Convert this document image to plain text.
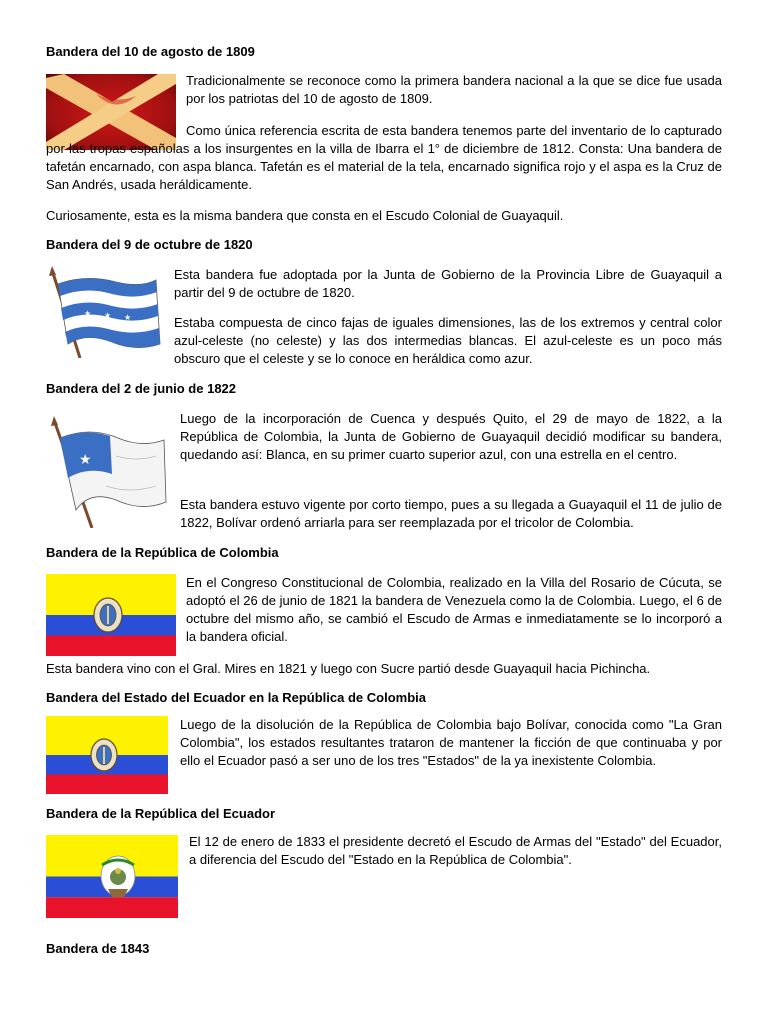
Bandera del 10 de agosto de 1809

Tradicionalmente se reconoce como la primera bandera nacional a la que se dice fue usada por los patriotas del 10 de agosto de 1809.

Como única referencia escrita de esta bandera tenemos parte del inventario de lo capturado por las tropas españolas a los insurgentes en la villa de Ibarra el 1° de diciembre de 1812. Consta: Una bandera de tafetán encarnado, con aspa blanca. Tafetán es el material de la tela, encarnado significa rojo y el aspa es la Cruz de San Andrés, usada heráldicamente.

Curiosamente, esta es la misma bandera que consta en el Escudo Colonial de Guayaquil.

Bandera del 9 de octubre de 1820
★ ★ ★

Esta bandera fue adoptada por la Junta de Gobierno de la Provincia Libre de Guayaquil a partir del 9 de octubre de 1820.

Estaba compuesta de cinco fajas de iguales dimensiones, las de los extremos y central color azul-celeste (no celeste) y las dos intermedias blancas. El azul-celeste es un poco más obscuro que el celeste y se lo conoce en heráldica como azur.

Bandera del 2 de junio de 1822
★

Luego de la incorporación de Cuenca y después Quito, el 29 de mayo de 1822, a la República de Colombia, la Junta de Gobierno de Guayaquil decidió modificar su bandera, quedando así: Blanca, en su primer cuarto superior azul, con una estrella en el centro.

Esta bandera estuvo vigente por corto tiempo, pues a su llegada a Guayaquil el 11 de julio de 1822, Bolívar ordenó arriarla para ser reemplazada por el tricolor de Colombia.

Bandera de la República de Colombia

En el Congreso Constitucional de Colombia, realizado en la Villa del Rosario de Cúcuta, se adoptó el 26 de junio de 1821 la bandera de Venezuela como la de Colombia. Luego, el 6 de octubre del mismo año, se cambió el Escudo de Armas e inmediatamente se lo incorporó a la bandera oficial.

Esta bandera vino con el Gral. Mires en 1821 y luego con Sucre partió desde Guayaquil hacia Pichincha.

Bandera del Estado del Ecuador en la República de Colombia

Luego de la disolución de la República de Colombia bajo Bolívar, conocida como "La Gran Colombia", los estados resultantes trataron de mantener la ficción de que continuaba y por ello el Ecuador pasó a ser uno de los tres "Estados" de la ya inexistente Colombia.

Bandera de la República del Ecuador

El 12 de enero de 1833 el presidente decretó el Escudo de Armas del "Estado" del Ecuador, a diferencia del Escudo del "Estado en la República de Colombia".

Bandera de 1843
